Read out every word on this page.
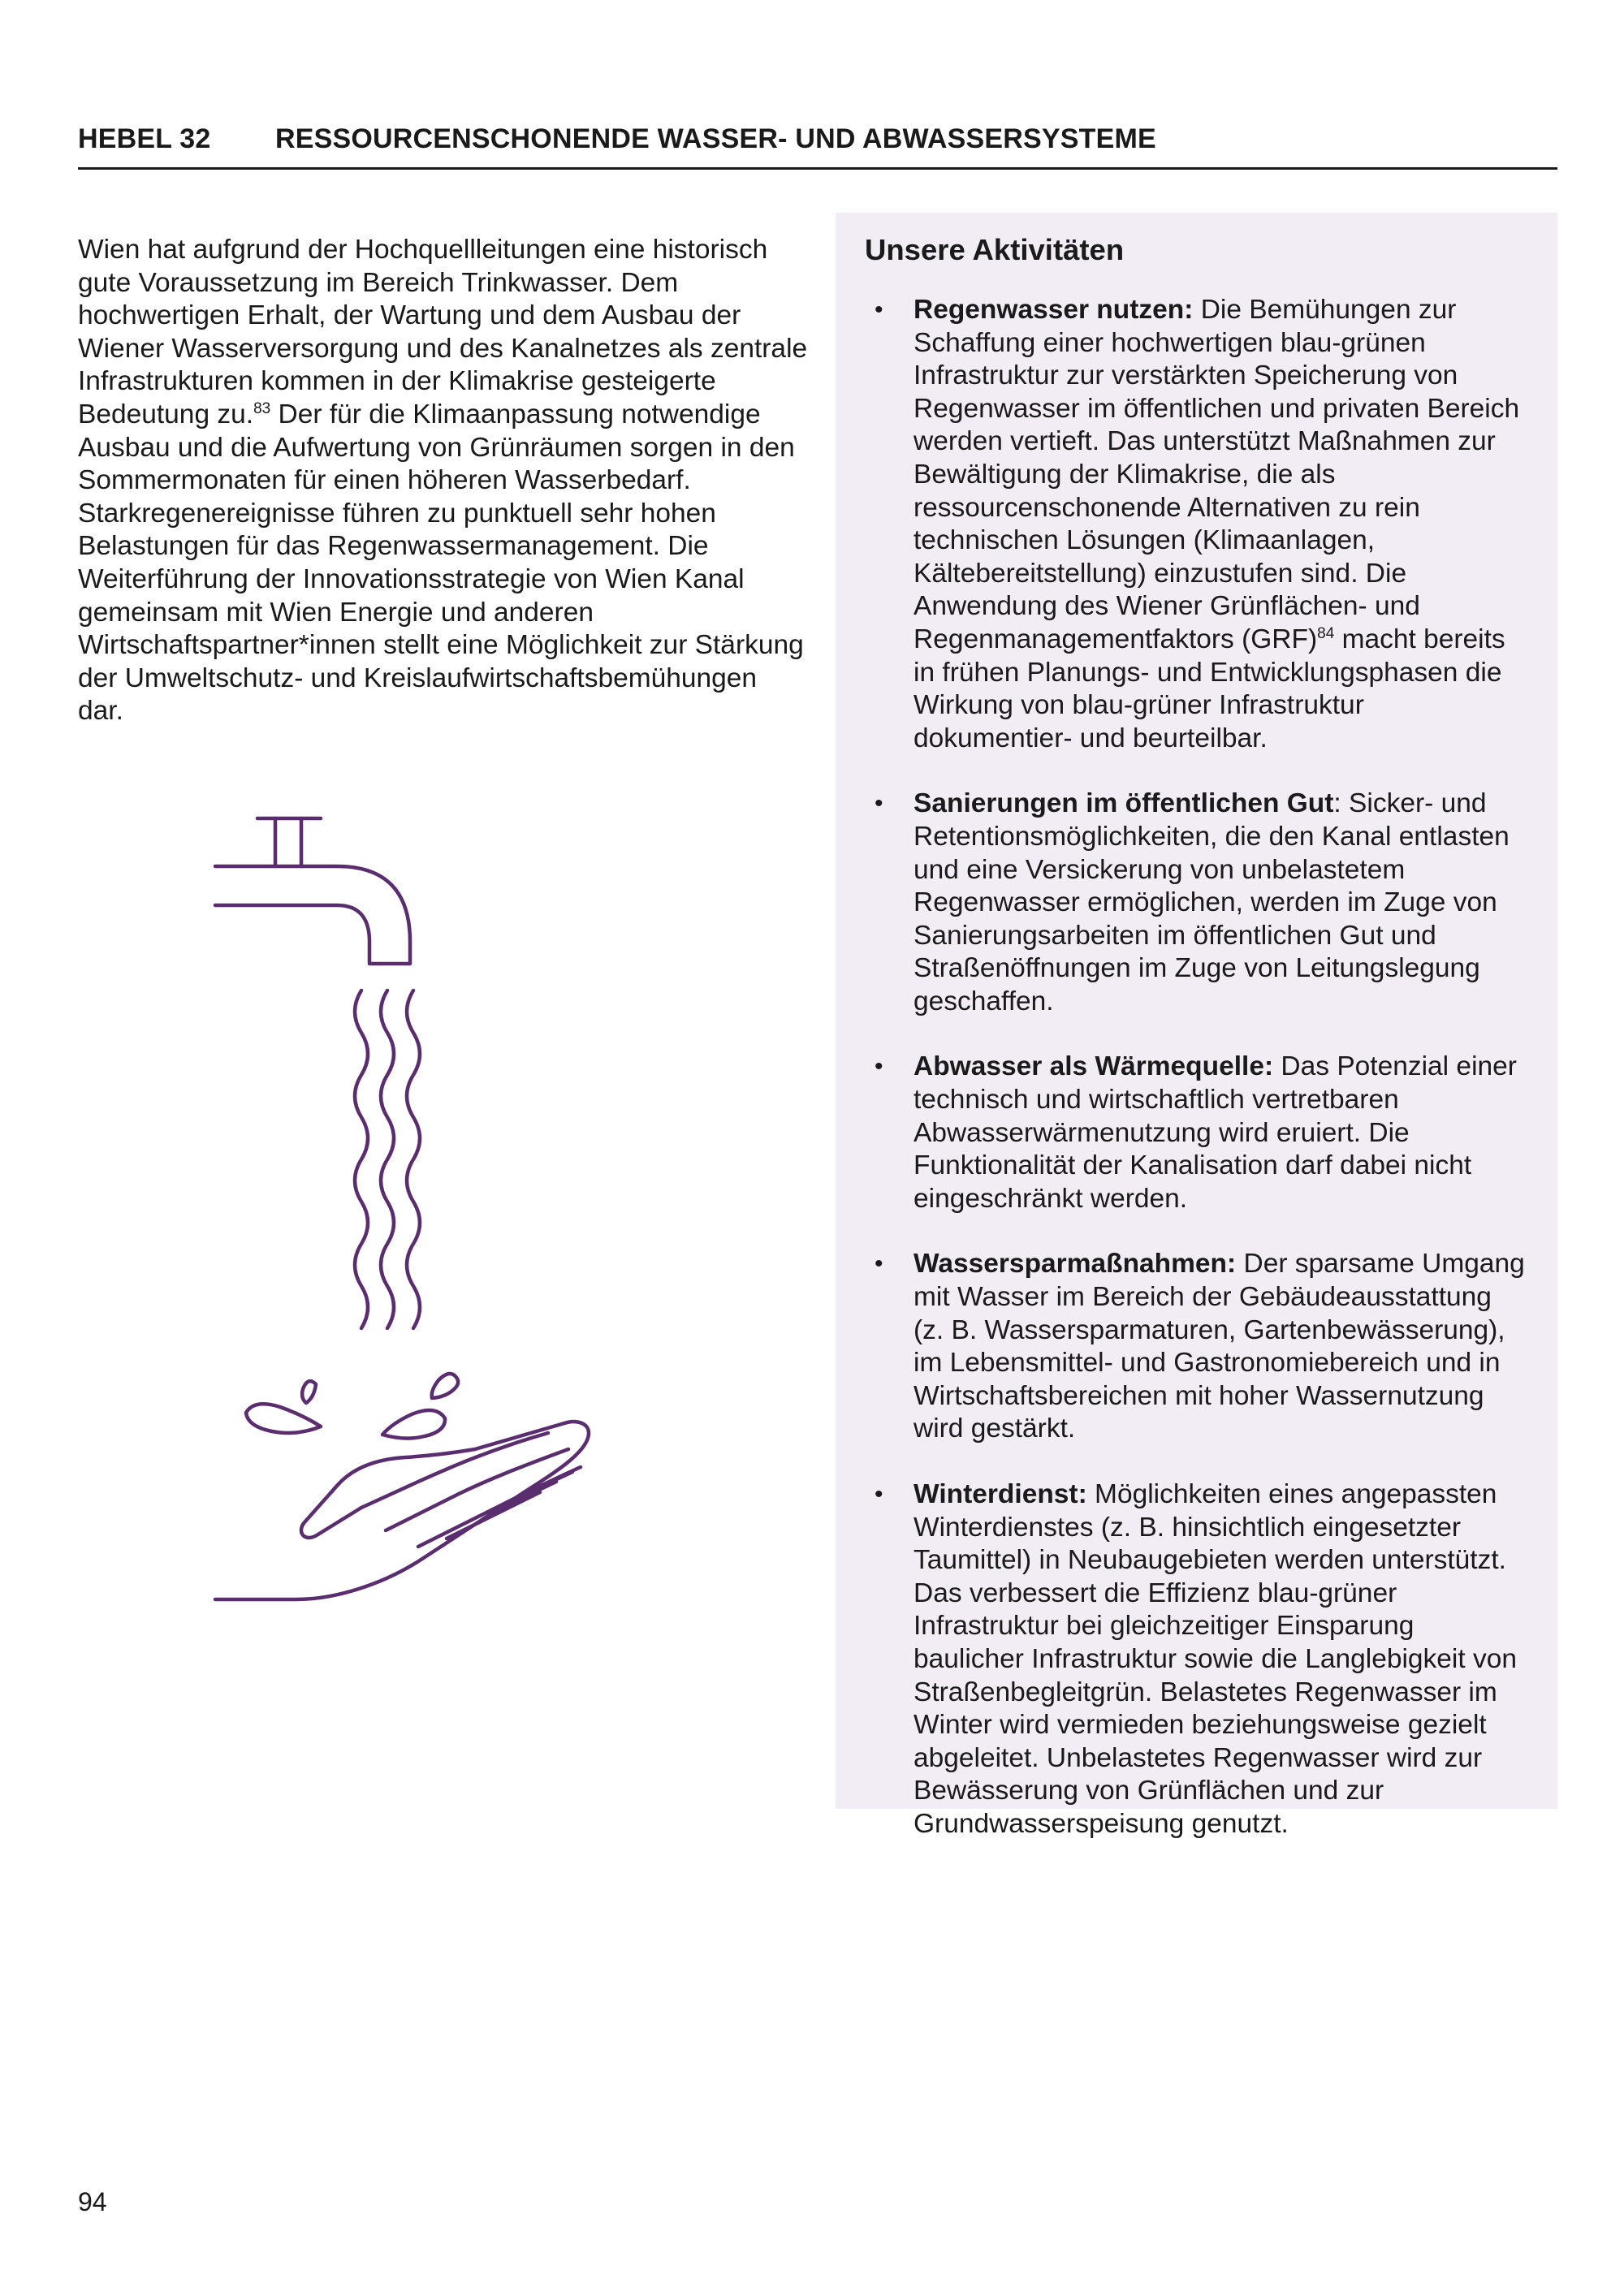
HEBEL 32	RESSOURCENSCHONENDE WASSER- UND ABWASSERSYSTEME

Wien hat aufgrund der Hochquellleitungen eine historisch gute Voraussetzung im Bereich Trinkwasser. Dem hochwertigen Erhalt, der Wartung und dem Ausbau der Wiener Wasserversorgung und des Kanalnetzes als zentrale Infrastrukturen kommen in der Klimakrise gesteigerte Bedeutung zu.$^{83}$ Der für die Klimaanpassung notwendige Ausbau und die Aufwertung von Grünräumen sorgen in den Sommermonaten für einen höheren Wasserbedarf. Starkregenereignisse führen zu punktuell sehr hohen Belastungen für das Regenwassermanagement. Die Weiterführung der Innovationsstrategie von Wien Kanal gemeinsam mit Wien Energie und anderen Wirtschaftspartner*innen stellt eine Möglichkeit zur Stärkung der Umweltschutz- und Kreislaufwirtschaftsbemühungen dar.

Unsere Aktivitäten
• Regenwasser nutzen: Die Bemühungen zur Schaffung einer hochwertigen blau-grünen Infrastruktur zur verstärkten Speicherung von Regenwasser im öffentlichen und privaten Bereich werden vertieft. Das unterstützt Maßnahmen zur Bewältigung der Klimakrise, die als ressourcenschonende Alternativen zu rein technischen Lösungen (Klimaanlagen, Kältebereitstellung) einzustufen sind. Die Anwendung des Wiener Grünflächen- und Regenmanagementfaktors (GRF)$^{84}$ macht bereits in frühen Planungs- und Entwicklungsphasen die Wirkung von blau-grüner Infrastruktur dokumentier- und beurteilbar.
• Sanierungen im öffentlichen Gut: Sicker- und Retentionsmöglichkeiten, die den Kanal entlasten und eine Versickerung von unbelastetem Regenwasser ermöglichen, werden im Zuge von Sanierungsarbeiten im öffentlichen Gut und Straßenöffnungen im Zuge von Leitungslegung geschaffen.
• Abwasser als Wärmequelle: Das Potenzial einer technisch und wirtschaftlich vertretbaren Abwasserwärmenutzung wird eruiert. Die Funktionalität der Kanalisation darf dabei nicht eingeschränkt werden.
• Wassersparmaßnahmen: Der sparsame Umgang mit Wasser im Bereich der Gebäudeausstattung (z. B. Wassersparmaturen, Gartenbewässerung), im Lebensmittel- und Gastronomiebereich und in Wirtschaftsbereichen mit hoher Wassernutzung wird gestärkt.
• Winterdienst: Möglichkeiten eines angepassten Winterdienstes (z. B. hinsichtlich eingesetzter Taumittel) in Neubaugebieten werden unterstützt. Das verbessert die Effizienz blau-grüner Infrastruktur bei gleichzeitiger Einsparung baulicher Infrastruktur sowie die Langlebigkeit von Straßenbegleitgrün. Belastetes Regenwasser im Winter wird vermieden beziehungsweise gezielt abgeleitet. Unbelastetes Regenwasser wird zur Bewässerung von Grünflächen und zur Grundwasserspeisung genutzt.
94
